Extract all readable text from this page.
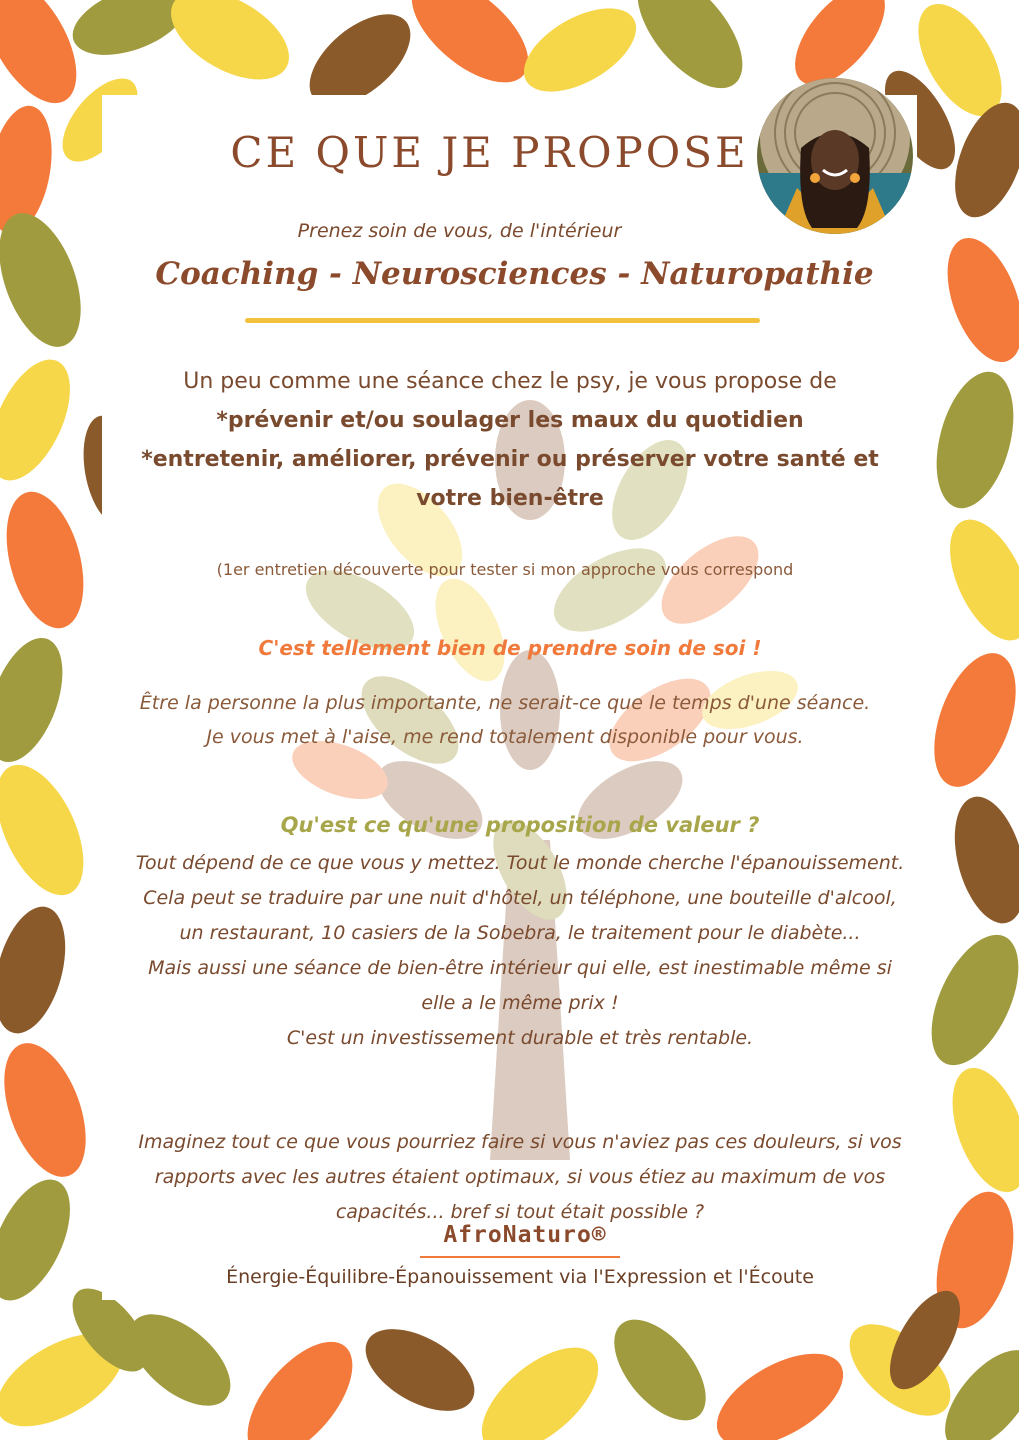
CE QUE JE PROPOSE
Prenez soin de vous, de l'intérieur
Coaching - Neurosciences - Naturopathie
Un peu comme une séance chez le psy, je vous propose de
*prévenir et/ou soulager les maux du quotidien
*entretenir, améliorer, prévenir ou préserver votre santé et votre bien-être
(1er entretien découverte pour tester si mon approche vous correspond
C'est tellement bien de prendre soin de soi !
Être la personne la plus importante, ne serait-ce que le temps d'une séance. Je vous met à l'aise, me rend totalement disponible pour vous.
Qu'est ce qu'une proposition de valeur ?
Tout dépend de ce que vous y mettez. Tout le monde cherche l'épanouissement. Cela peut se traduire par une nuit d'hôtel, un téléphone, une bouteille d'alcool, un restaurant, 10 casiers de la Sobebra, le traitement pour le diabète...
Mais aussi une séance de bien-être intérieur qui elle, est inestimable même si elle a le même prix !
C'est un investissement durable et très rentable.
Imaginez tout ce que vous pourriez faire si vous n'aviez pas ces douleurs, si vos rapports avec les autres étaient optimaux, si vous étiez au maximum de vos capacités... bref si tout était possible ?
AfroNaturo®
Énergie-Équilibre-Épanouissement via l'Expression et l'Écoute
